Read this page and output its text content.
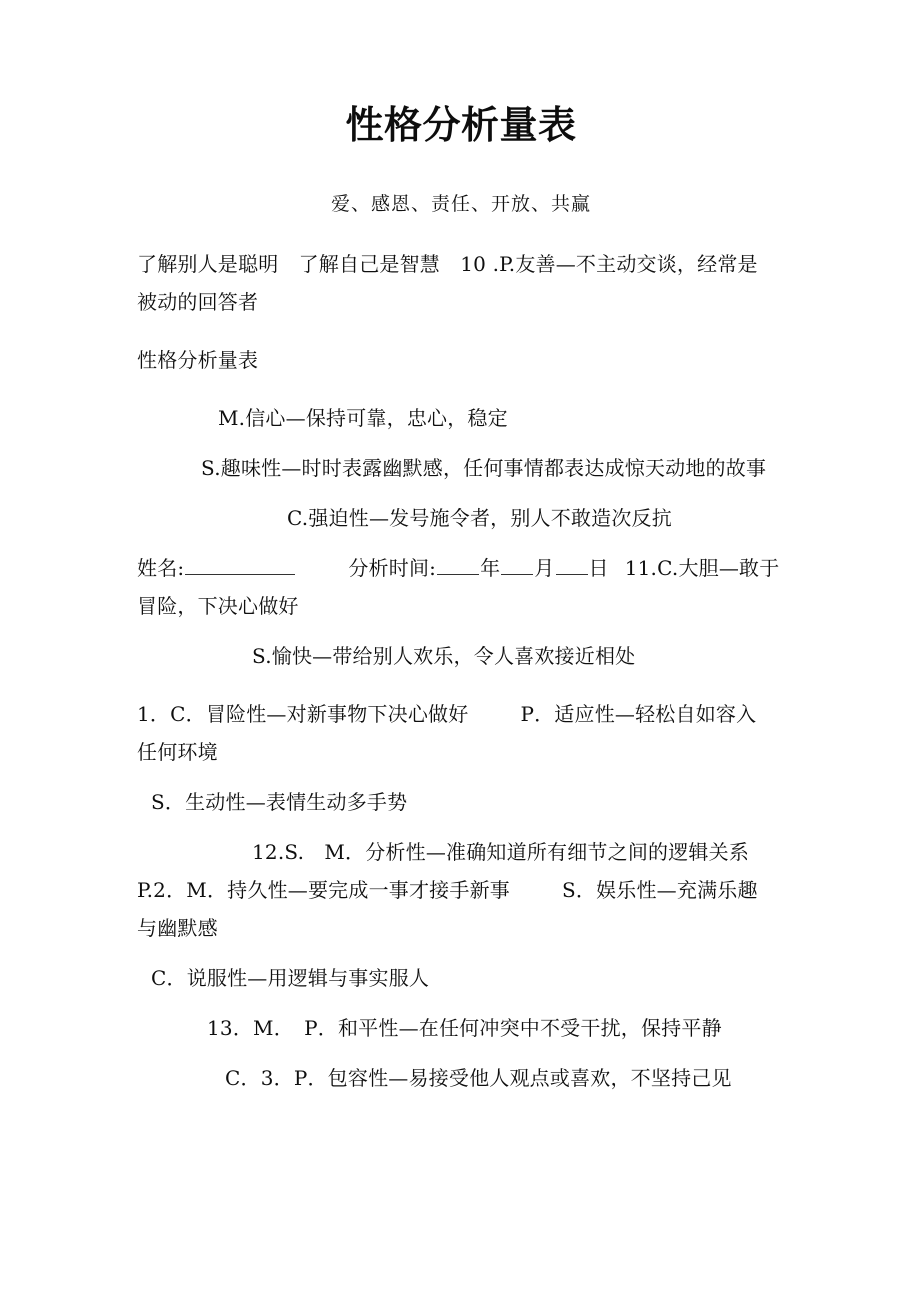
性格分析量表

爱、感恩、责任、开放、共赢

了解别人是聪明　了解自己是智慧　10 .P.友善—不主动交谈，经常是

被动的回答者

性格分析量表

M.信心—保持可靠，忠心，稳定

S.趣味性—时时表露幽默感，任何事情都表达成惊天动地的故事

C.强迫性—发号施令者，别人不敢造次反抗

姓名:	分析时间: 年 月 日 11.C.大胆—敢于

冒险，下决心做好

S.愉快—带给别人欢乐，令人喜欢接近相处

1．C．冒险性—对新事物下决心做好	P．适应性—轻松自如容入

任何环境

S．生动性—表情生动多手势

12.S.　M．分析性—准确知道所有细节之间的逻辑关系

P.2．M．持久性—要完成一事才接手新事	S．娱乐性—充满乐趣

与幽默感

C．说服性—用逻辑与事实服人

13．M．　P．和平性—在任何冲突中不受干扰，保持平静

C．3．P．包容性—易接受他人观点或喜欢，不坚持己见
